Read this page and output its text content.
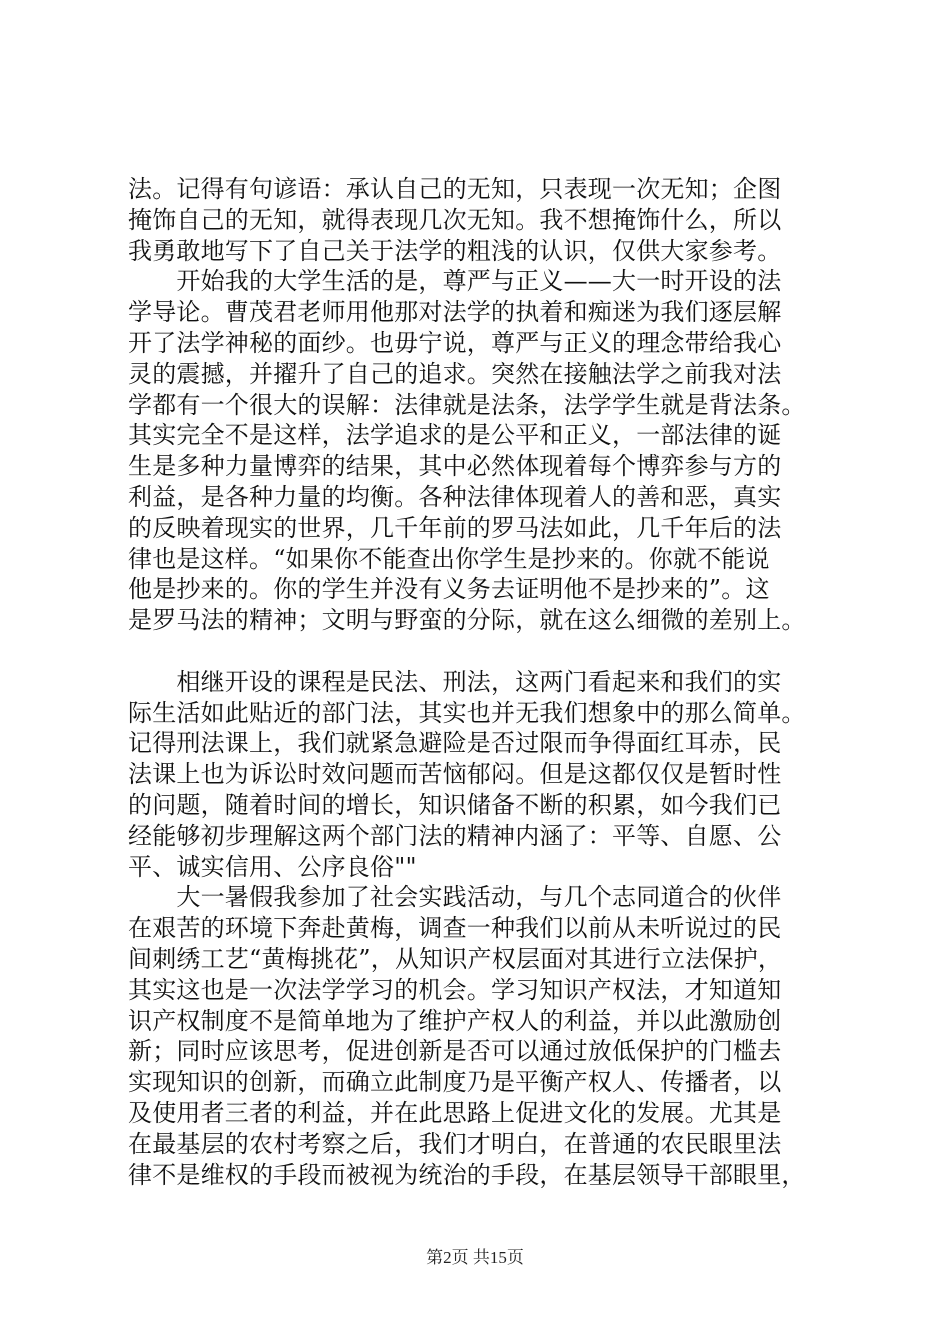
法。记得有句谚语：承认自己的无知，只表现一次无知；企图
掩饰自己的无知，就得表现几次无知。我不想掩饰什么，所以
我勇敢地写下了自己关于法学的粗浅的认识，仅供大家参考。
　　开始我的大学生活的是，尊严与正义——大一时开设的法
学导论。曹茂君老师用他那对法学的执着和痴迷为我们逐层解
开了法学神秘的面纱。也毋宁说，尊严与正义的理念带给我心
灵的震撼，并擢升了自己的追求。突然在接触法学之前我对法
学都有一个很大的误解：法律就是法条，法学学生就是背法条。
其实完全不是这样，法学追求的是公平和正义，一部法律的诞
生是多种力量博弈的结果，其中必然体现着每个博弈参与方的
利益，是各种力量的均衡。各种法律体现着人的善和恶，真实
的反映着现实的世界，几千年前的罗马法如此，几千年后的法
律也是这样。“如果你不能查出你学生是抄来的。你就不能说
他是抄来的。你的学生并没有义务去证明他不是抄来的”。这
是罗马法的精神；文明与野蛮的分际，就在这么细微的差别上。
　　相继开设的课程是民法、刑法，这两门看起来和我们的实
际生活如此贴近的部门法，其实也并无我们想象中的那么简单。
记得刑法课上，我们就紧急避险是否过限而争得面红耳赤，民
法课上也为诉讼时效问题而苦恼郁闷。但是这都仅仅是暂时性
的问题，随着时间的增长，知识储备不断的积累，如今我们已
经能够初步理解这两个部门法的精神内涵了：平等、自愿、公
平、诚实信用、公序良俗""
　　大一暑假我参加了社会实践活动，与几个志同道合的伙伴
在艰苦的环境下奔赴黄梅，调查一种我们以前从未听说过的民
间刺绣工艺“黄梅挑花”，从知识产权层面对其进行立法保护，
其实这也是一次法学学习的机会。学习知识产权法，才知道知
识产权制度不是简单地为了维护产权人的利益，并以此激励创
新；同时应该思考，促进创新是否可以通过放低保护的门槛去
实现知识的创新，而确立此制度乃是平衡产权人、传播者，以
及使用者三者的利益，并在此思路上促进文化的发展。尤其是
在最基层的农村考察之后，我们才明白，在普通的农民眼里法
律不是维权的手段而被视为统治的手段，在基层领导干部眼里，
第2页 共15页
